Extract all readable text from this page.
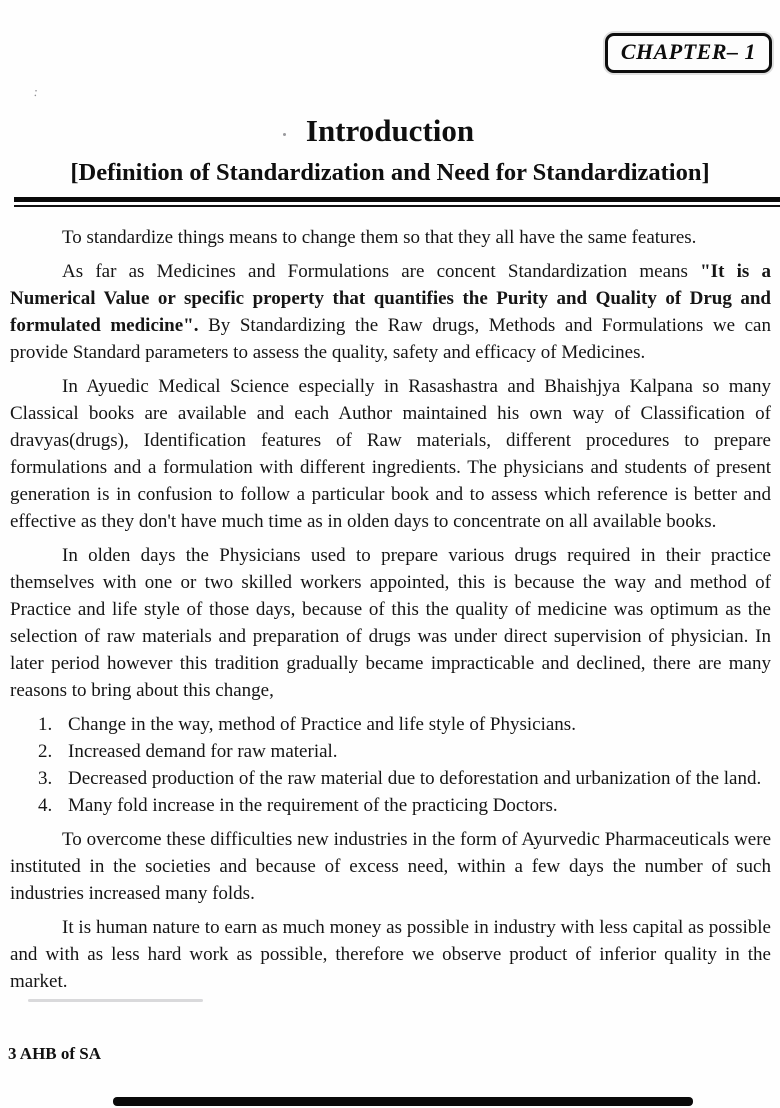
:
CHAPTER– 1
Introduction
[Definition of Standardization and Need for Standardization]

To standardize things means to change them so that they all have the same features.

As far as Medicines and Formulations are concent Standardization means "It is a Numerical Value or specific property that quantifies the Purity and Quality of Drug and formulated medicine". By Standardizing the Raw drugs, Methods and Formulations we can provide Standard parameters to assess the quality, safety and efficacy of Medicines.

In Ayuedic Medical Science especially in Rasashastra and Bhaishjya Kalpana so many Classical books are available and each Author maintained his own way of Classification of dravyas(drugs), Identification features of Raw materials, different procedures to prepare formulations and a formulation with different ingredients. The physicians and students of present generation is in confusion to follow a particular book and to assess which reference is better and effective as they don't have much time as in olden days to concentrate on all available books.

In olden days the Physicians used to prepare various drugs required in their practice themselves with one or two skilled workers appointed, this is because the way and method of Practice and life style of those days, because of this the quality of medicine was optimum as the selection of raw materials and preparation of drugs was under direct supervision of physician. In later period however this tradition gradually became impracticable and declined, there are many reasons to bring about this change,

1. Change in the way, method of Practice and life style of Physicians.
2. Increased demand for raw material.
3. Decreased production of the raw material due to deforestation and urbanization of the land.
4. Many fold increase in the requirement of the practicing Doctors.

To overcome these difficulties new industries in the form of Ayurvedic Pharmaceuticals were instituted in the societies and because of excess need, within a few days the number of such industries increased many folds.

It is human nature to earn as much money as possible in industry with less capital as possible and with as less hard work as possible, therefore we observe product of inferior quality in the market.

3 AHB of SA
